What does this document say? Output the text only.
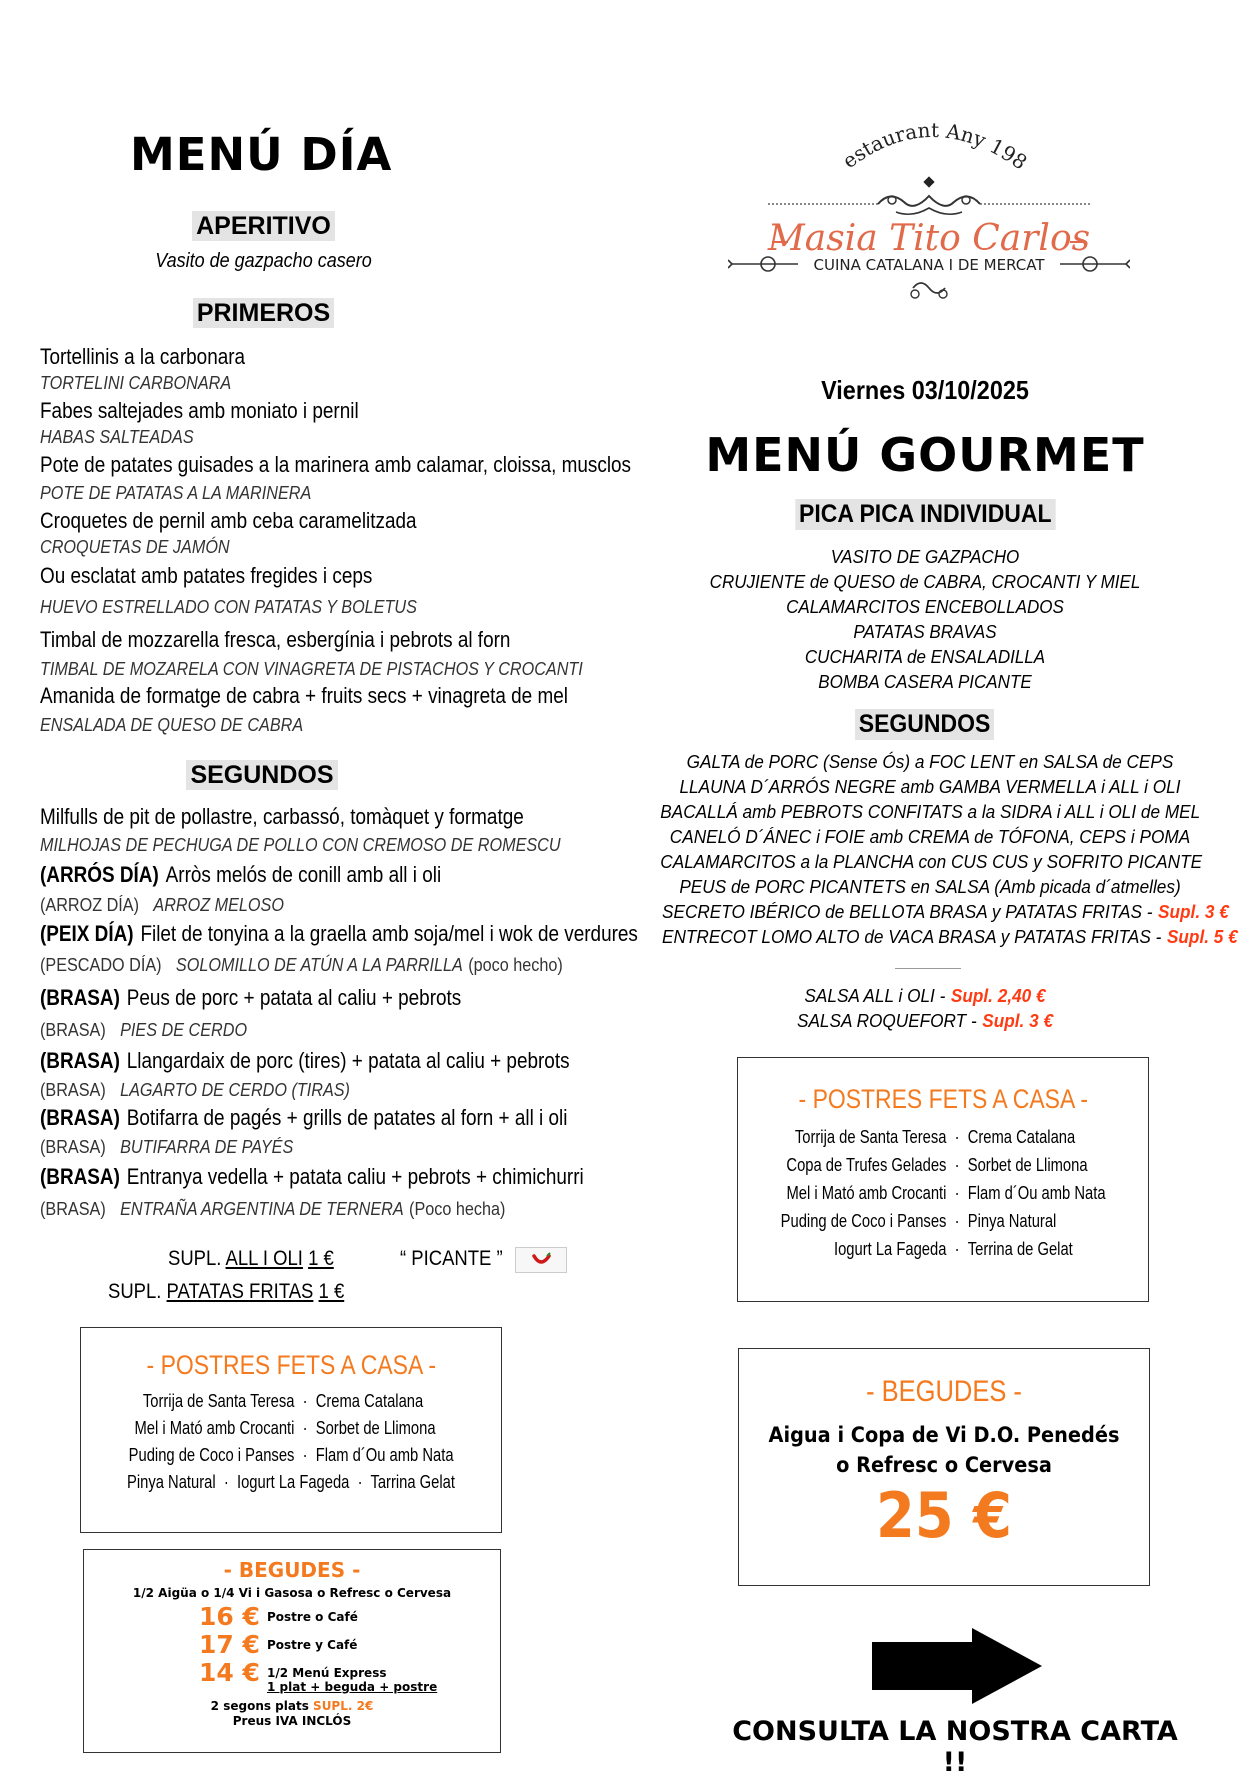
MENÚ DÍA
APERITIVO
Vasito de gazpacho casero
PRIMEROS
Tortellinis a la carbonara
TORTELINI CARBONARA
Fabes saltejades amb moniato i pernil
HABAS SALTEADAS
Pote de patates guisades a la marinera amb calamar, cloissa, musclos
POTE DE PATATAS A LA MARINERA
Croquetes de pernil amb ceba caramelitzada
CROQUETAS DE JAMÓN
Ou esclatat amb patates fregides i ceps
HUEVO ESTRELLADO CON PATATAS Y BOLETUS
Timbal de mozzarella fresca, esbergínia i pebrots al forn
TIMBAL DE MOZARELA CON VINAGRETA DE PISTACHOS Y CROCANTI
Amanida de formatge de cabra + fruits secs + vinagreta de mel
ENSALADA DE QUESO DE CABRA
SEGUNDOS
Milfulls de pit de pollastre, carbassó, tomàquet y formatge
MILHOJAS DE PECHUGA DE POLLO CON CREMOSO DE ROMESCU
(ARRÓS DÍA) Arròs melós de conill amb all i oli
(ARROZ DÍA) ARROZ MELOSO
(PEIX DÍA) Filet de tonyina a la graella amb soja/mel i wok de verdures
(PESCADO DÍA) SOLOMILLO DE ATÚN A LA PARRILLA (poco hecho)
(BRASA) Peus de porc + patata al caliu + pebrots
(BRASA) PIES DE CERDO
(BRASA) Llangardaix de porc (tires) + patata al caliu + pebrots
(BRASA) LAGARTO DE CERDO (TIRAS)
(BRASA) Botifarra de pagés + grills de patates al forn + all i oli
(BRASA) BUTIFARRA DE PAYÉS
(BRASA) Entranya vedella + patata caliu + pebrots + chimichurri
(BRASA) ENTRAÑA ARGENTINA DE TERNERA (Poco hecha)
SUPL. ALL I OLI 1 €	“ PICANTE ”
SUPL. PATATAS FRITAS 1 €
- POSTRES FETS A CASA -
Torrija de Santa Teresa · Crema Catalana
Mel i Mató amb Crocanti · Sorbet de Llimona
Puding de Coco i Panses · Flam d´Ou amb Nata
Pinya Natural  ·  Iogurt La Fageda  ·  Tarrina Gelat
- BEGUDES -
1/2 Aigüa o 1/4 Vi i Gasosa o Refresc o Cervesa
16 € Postre o Café
17 € Postre y Café
14 € 1/2 Menú Express
1 plat + beguda + postre
2 segons plats SUPL. 2€
Preus IVA INCLÓS
estaurant Any 198
Masia Tito Carlos
CUINA CATALANA I DE MERCAT
Viernes 03/10/2025
MENÚ GOURMET
PICA PICA INDIVIDUAL
VASITO DE GAZPACHO
CRUJIENTE de QUESO de CABRA, CROCANTI Y MIEL
CALAMARCITOS ENCEBOLLADOS
PATATAS BRAVAS
CUCHARITA de ENSALADILLA
BOMBA CASERA PICANTE
SEGUNDOS
GALTA de PORC (Sense Ós) a FOC LENT en SALSA de CEPS
LLAUNA D´ARRÓS NEGRE amb GAMBA VERMELLA i ALL i OLI
BACALLÁ amb PEBROTS CONFITATS a la SIDRA i ALL i OLI de MEL
CANELÓ D´ÁNEC i FOIE amb CREMA de TÓFONA, CEPS i POMA
CALAMARCITOS a la PLANCHA con CUS CUS y SOFRITO PICANTE
PEUS de PORC PICANTETS en SALSA (Amb picada d´atmelles)
SECRETO IBÉRICO de BELLOTA BRASA y PATATAS FRITAS - Supl. 3 €
ENTRECOT LOMO ALTO de VACA BRASA y PATATAS FRITAS - Supl. 5 €
SALSA ALL i OLI - Supl. 2,40 €
SALSA ROQUEFORT - Supl. 3 €
- POSTRES FETS A CASA -
Torrija de Santa Teresa · Crema Catalana
Copa de Trufes Gelades · Sorbet de Llimona
Mel i Mató amb Crocanti · Flam d´Ou amb Nata
Puding de Coco i Panses · Pinya Natural
Iogurt La Fageda · Terrina de Gelat
- BEGUDES -
Aigua i Copa de Vi D.O. Penedés
o Refresc o Cervesa
25 €
CONSULTA LA NOSTRA CARTA !!
